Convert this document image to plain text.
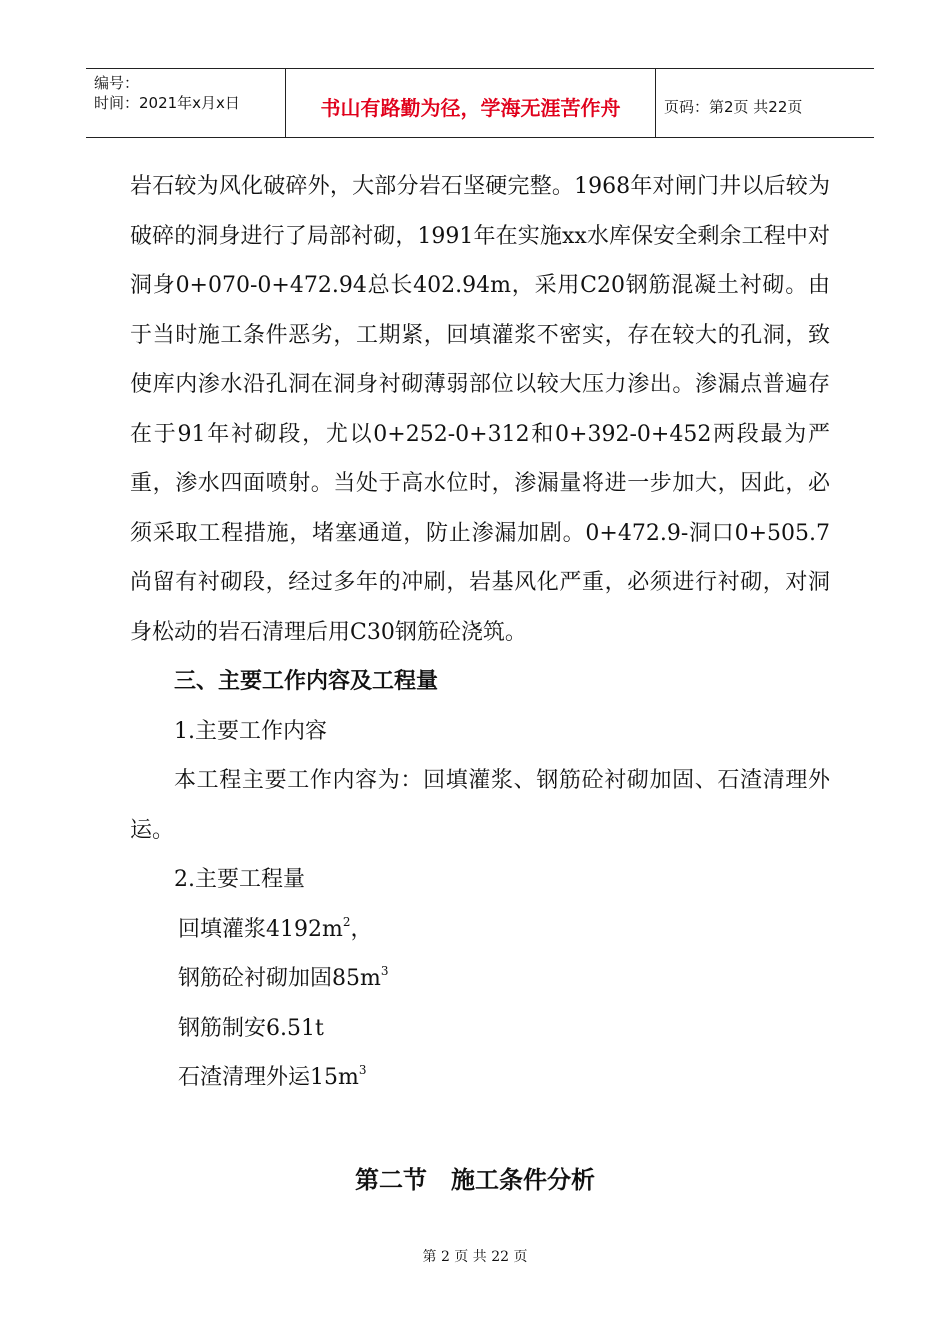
编号：
时间：2021年x月x日	书山有路勤为径，学海无涯苦作舟	页码：第2页 共22页

岩石较为风化破碎外，大部分岩石坚硬完整。1968年对闸门井以后较为破碎的洞身进行了局部衬砌，1991年在实施xx水库保安全剩余工程中对洞身0+070-0+472.94总长402.94m，采用C20钢筋混凝土衬砌。由于当时施工条件恶劣，工期紧，回填灌浆不密实，存在较大的孔洞，致使库内渗水沿孔洞在洞身衬砌薄弱部位以较大压力渗出。渗漏点普遍存在于91年衬砌段，尤以0+252-0+312和0+392-0+452两段最为严重，渗水四面喷射。当处于高水位时，渗漏量将进一步加大，因此，必须采取工程措施，堵塞通道，防止渗漏加剧。0+472.9-洞口0+505.7尚留有衬砌段，经过多年的冲刷，岩基风化严重，必须进行衬砌，对洞身松动的岩石清理后用C30钢筋砼浇筑。

三、主要工作内容及工程量

1.主要工作内容

本工程主要工作内容为：回填灌浆、钢筋砼衬砌加固、石渣清理外运。

2.主要工程量

回填灌浆$4192m^2$，

钢筋砼衬砌加固$85m^3$

钢筋制安6.51t

石渣清理外运$15m^3$

第二节　施工条件分析
第 2 页 共 22 页
